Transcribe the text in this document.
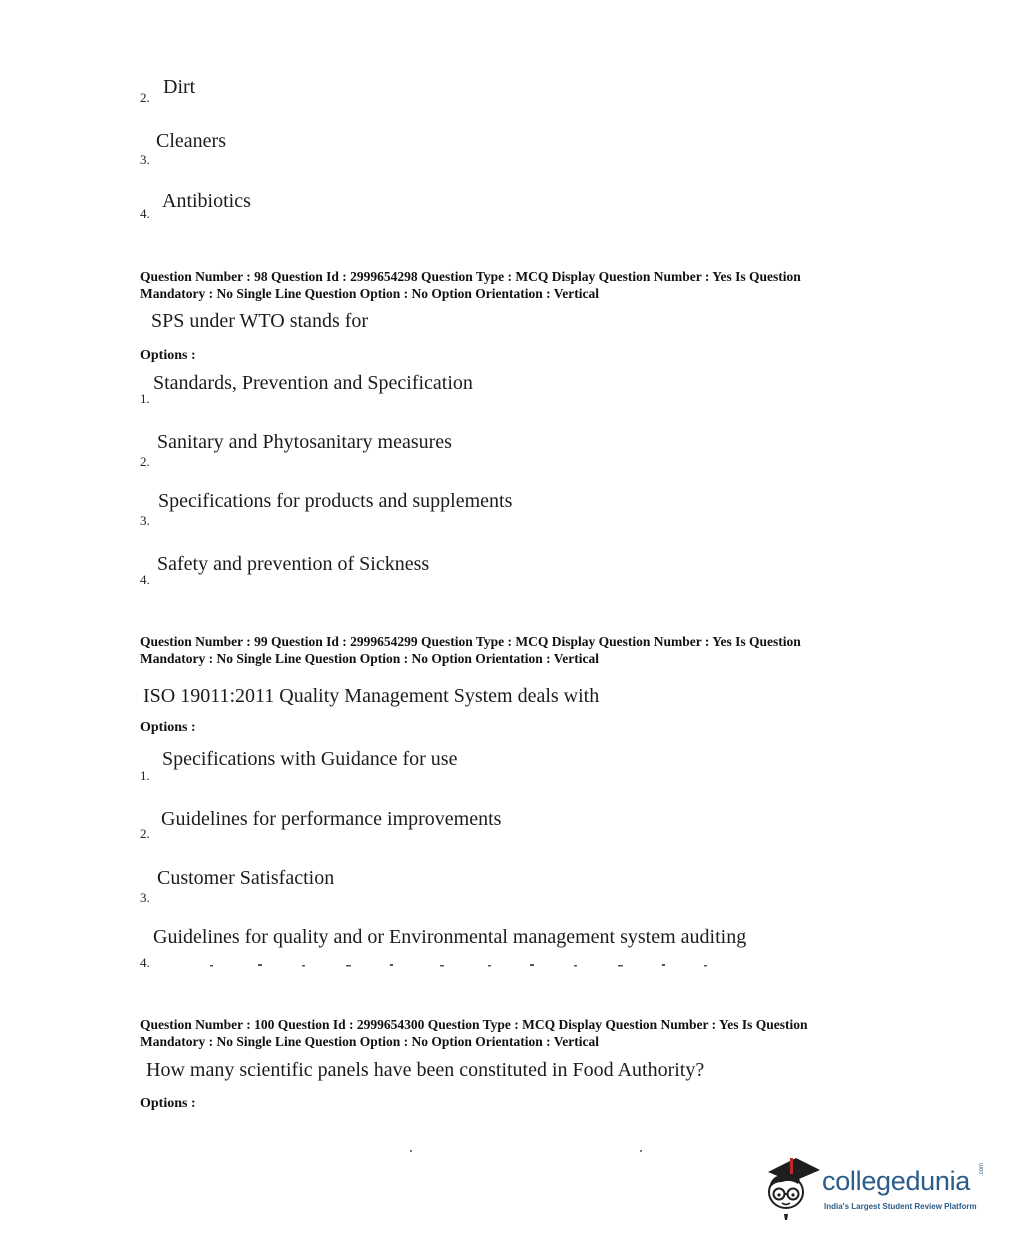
2. Dirt
3.
Cleaners
4.
Antibiotics
Question Number : 98 Question Id : 2999654298 Question Type : MCQ Display Question Number : Yes Is Question
Mandatory : No Single Line Question Option : No Option Orientation : Vertical
SPS under WTO stands for
Options :
1.
Standards, Prevention and Specification
2.
Sanitary and Phytosanitary measures
3.
Specifications for products and supplements
4.
Safety and prevention of Sickness
Question Number : 99 Question Id : 2999654299 Question Type : MCQ Display Question Number : Yes Is Question
Mandatory : No Single Line Question Option : No Option Orientation : Vertical
ISO 19011:2011 Quality Management System deals with
Options :
1.
Specifications with Guidance for use
2.
Guidelines for performance improvements
3.
Customer Satisfaction
4.
Guidelines for quality and or Environmental management system auditing
Question Number : 100 Question Id : 2999654300 Question Type : MCQ Display Question Number : Yes Is Question
Mandatory : No Single Line Question Option : No Option Orientation : Vertical
How many scientific panels have been constituted in Food Authority?
Options :
collegedunia .com
India's Largest Student Review Platform
